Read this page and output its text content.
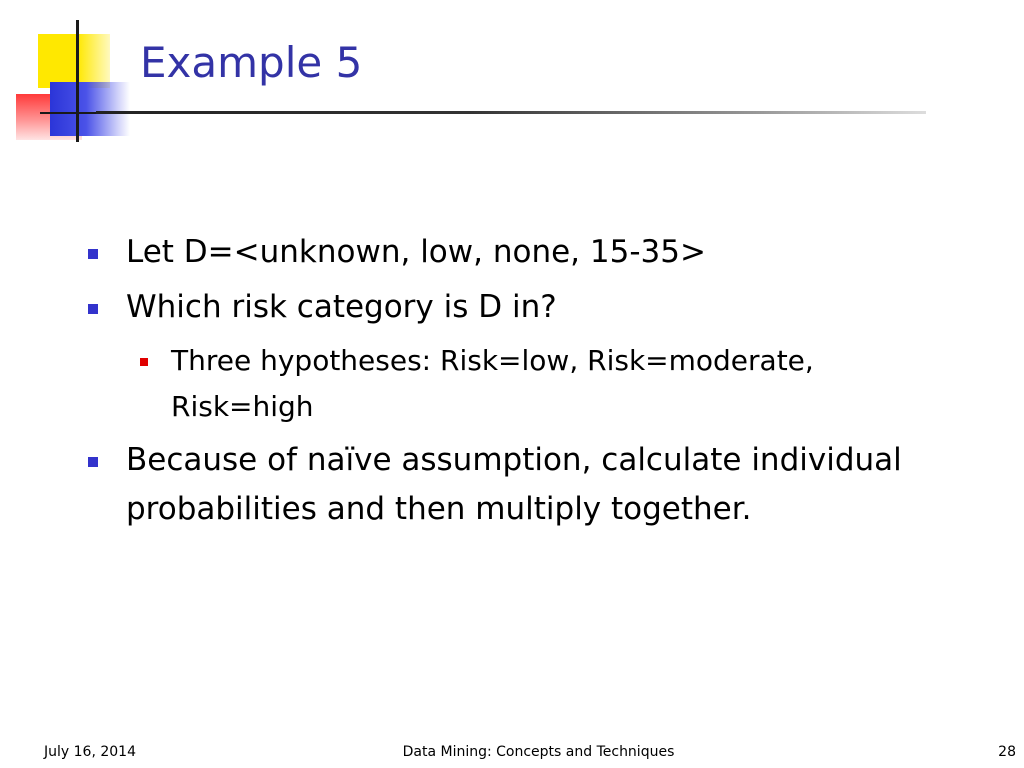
Example 5

Let D=<unknown, low, none, 15-35>

Which risk category is D in?

Three hypotheses: Risk=low, Risk=moderate, Risk=high

Because of naïve assumption, calculate individual probabilities and then multiply together.

July 16, 2014	Data Mining: Concepts and Techniques	28
